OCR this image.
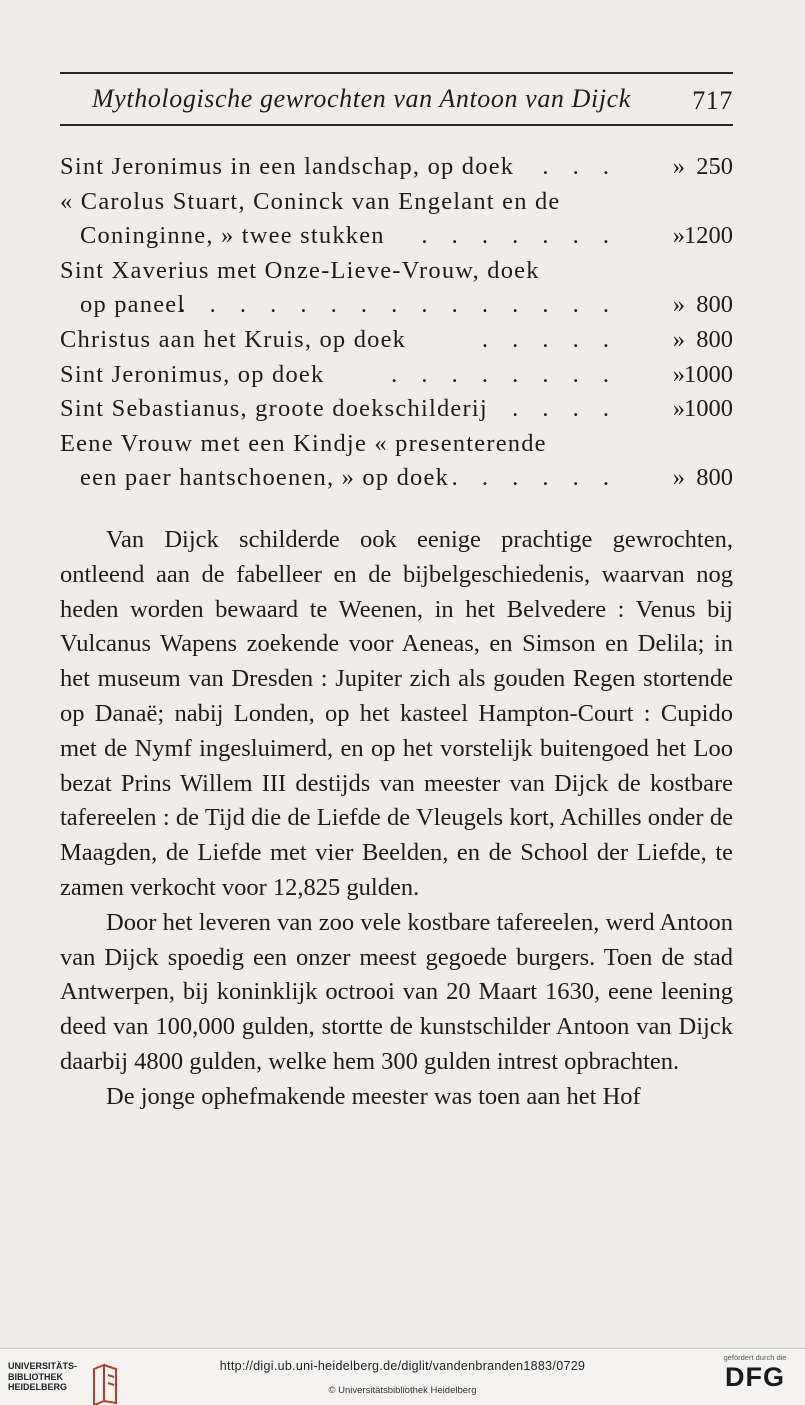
Mythologische gewrochten van Antoon van Dijck 717
Sint Jeronimus in een landschap, op doek . . . » 250
« Carolus Stuart, Coninck van Engelant en de
Coninginne, » twee stukken . . . . . . . » 1200
Sint Xaverius met Onze-Lieve-Vrouw, doek
op paneel
. . . . . . . . . . . . . . . » 800
Christus aan het Kruis, op doek	. . . . . » 800
Sint Jeronimus, op doek	. . . . . . . . » 1000
Sint Sebastianus, groote doekschilderij . . . . » 1000
Eene Vrouw met een Kindje « presenterende
een paer hantschoenen, » op doek . . . . . . » 800

Van Dijck schilderde ook eenige prachtige gewrochten, ontleend aan de fabelleer en de bijbelgeschiedenis, waarvan nog heden worden bewaard te Weenen, in het Belvedere : Venus bij Vulcanus Wapens zoekende voor Aeneas, en Simson en Delila; in het museum van Dresden : Jupiter zich als gouden Regen stortende op Danaë; nabij Londen, op het kasteel Hampton-Court : Cupido met de Nymf ingesluimerd, en op het vorstelijk buitengoed het Loo bezat Prins Willem III destijds van meester van Dijck de kostbare tafereelen : de Tijd die de Liefde de Vleugels kort, Achilles onder de Maagden, de Liefde met vier Beelden, en de School der Liefde, te zamen verkocht voor 12,825 gulden.

Door het leveren van zoo vele kostbare tafereelen, werd Antoon van Dijck spoedig een onzer meest gegoede burgers. Toen de stad Antwerpen, bij koninklijk octrooi van 20 Maart 1630, eene leening deed van 100,000 gulden, stortte de kunstschilder Antoon van Dijck daarbij 4800 gulden, welke hem 300 gulden intrest opbrachten.

De jonge ophefmakende meester was toen aan het Hof

UNIVERSITÄTS-
BIBLIOTHEK
HEIDELBERG
http://digi.ub.uni-heidelberg.de/diglit/vandenbranden1883/0729
© Universitätsbibliothek Heidelberg
gefördert durch die
DFG
